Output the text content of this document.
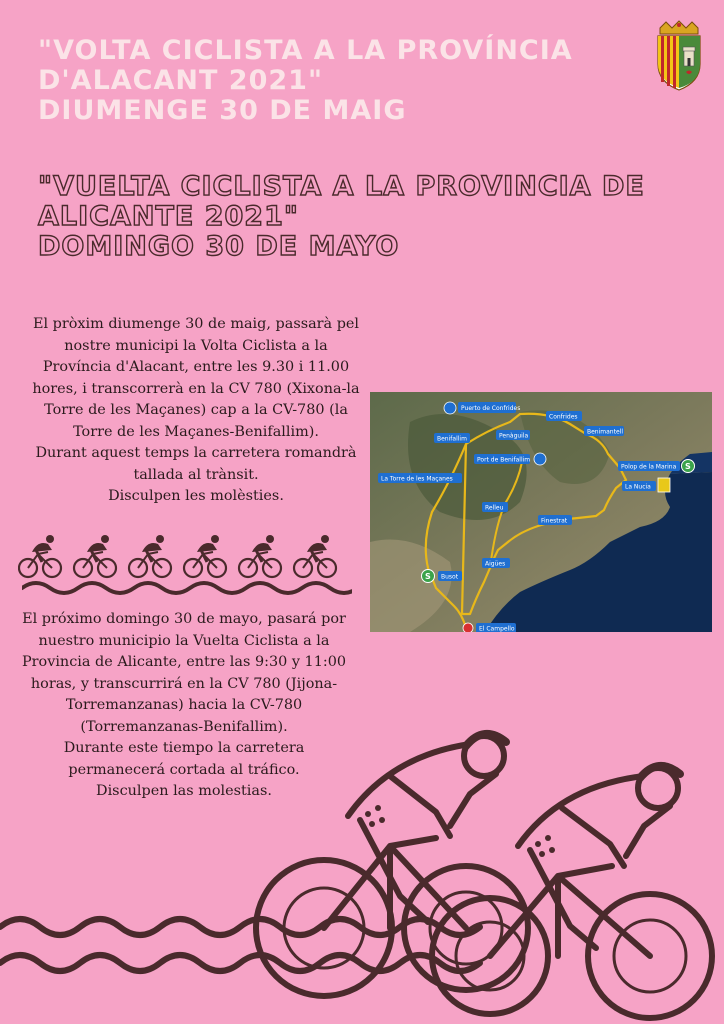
"VOLTA CICLISTA A LA PROVÍNCIA
D'ALACANT 2021"
DIUMENGE 30 DE MAIG
"VUELTA CICLISTA A LA PROVINCIA DE
ALICANTE 2021"
DOMINGO 30 DE MAYO
El pròxim diumenge 30 de maig, passarà pel
nostre municipi la Volta Ciclista a la
Província d'Alacant, entre les 9.30 i 11.00
hores, i transcorrerà en la CV 780 (Xixona-la
Torre de les Maçanes) cap a la CV-780 (la
Torre de les Maçanes-Benifallim).
Durant aquest temps la carretera romandrà
tallada al trànsit.
Disculpen les molèsties.
Puerto de Confrides
Confrides
Benimantell
Benifallim	Penàguila
Port de Benifallim
La Torre de les Maçanes
Polop de la Marina S
La Nucia
Relleu
Finestrat
S Busot
Aigües
El Campello
El próximo domingo 30 de mayo, pasará por
nuestro municipio la Vuelta Ciclista a la
Provincia de Alicante, entre las 9:30 y 11:00
horas, y transcurrirá en la CV 780 (Jijona-
Torremanzanas) hacia la CV-780
(Torremanzanas-Benifallim).
Durante este tiempo la carretera
permanecerá cortada al tráfico.
Disculpen las molestias.
